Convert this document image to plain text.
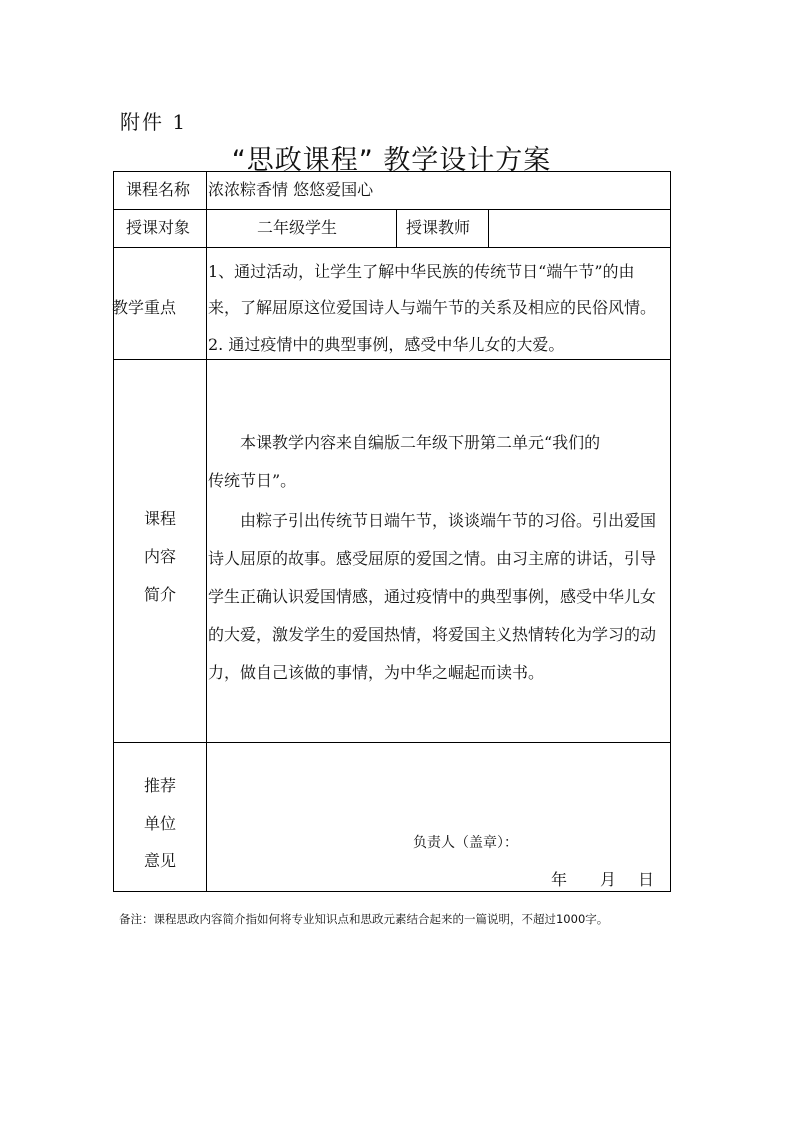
附件 1
“思政课程” 教学设计方案
课程名称 浓浓粽香情 悠悠爱国心
授课对象	二年级学生	授课教师
教学重点
1、通过活动，让学生了解中华民族的传统节日“端午节”的由
来，了解屈原这位爱国诗人与端午节的关系及相应的民俗风情。
2. 通过疫情中的典型事例，感受中华儿女的大爱。
课程
内容
简介
　　本课教学内容来自编版二年级下册第二单元“我们的
传统节日”。
　　由粽子引出传统节日端午节，谈谈端午节的习俗。引出爱国
诗人屈原的故事。感受屈原的爱国之情。由习主席的讲话，引导
学生正确认识爱国情感，通过疫情中的典型事例，感受中华儿女
的大爱，激发学生的爱国热情，将爱国主义热情转化为学习的动
力，做自己该做的事情，为中华之崛起而读书。
推荐
单位
意见
负责人（盖章）：
年 月 日
备注：课程思政内容简介指如何将专业知识点和思政元素结合起来的一篇说明，不超过1000字。
